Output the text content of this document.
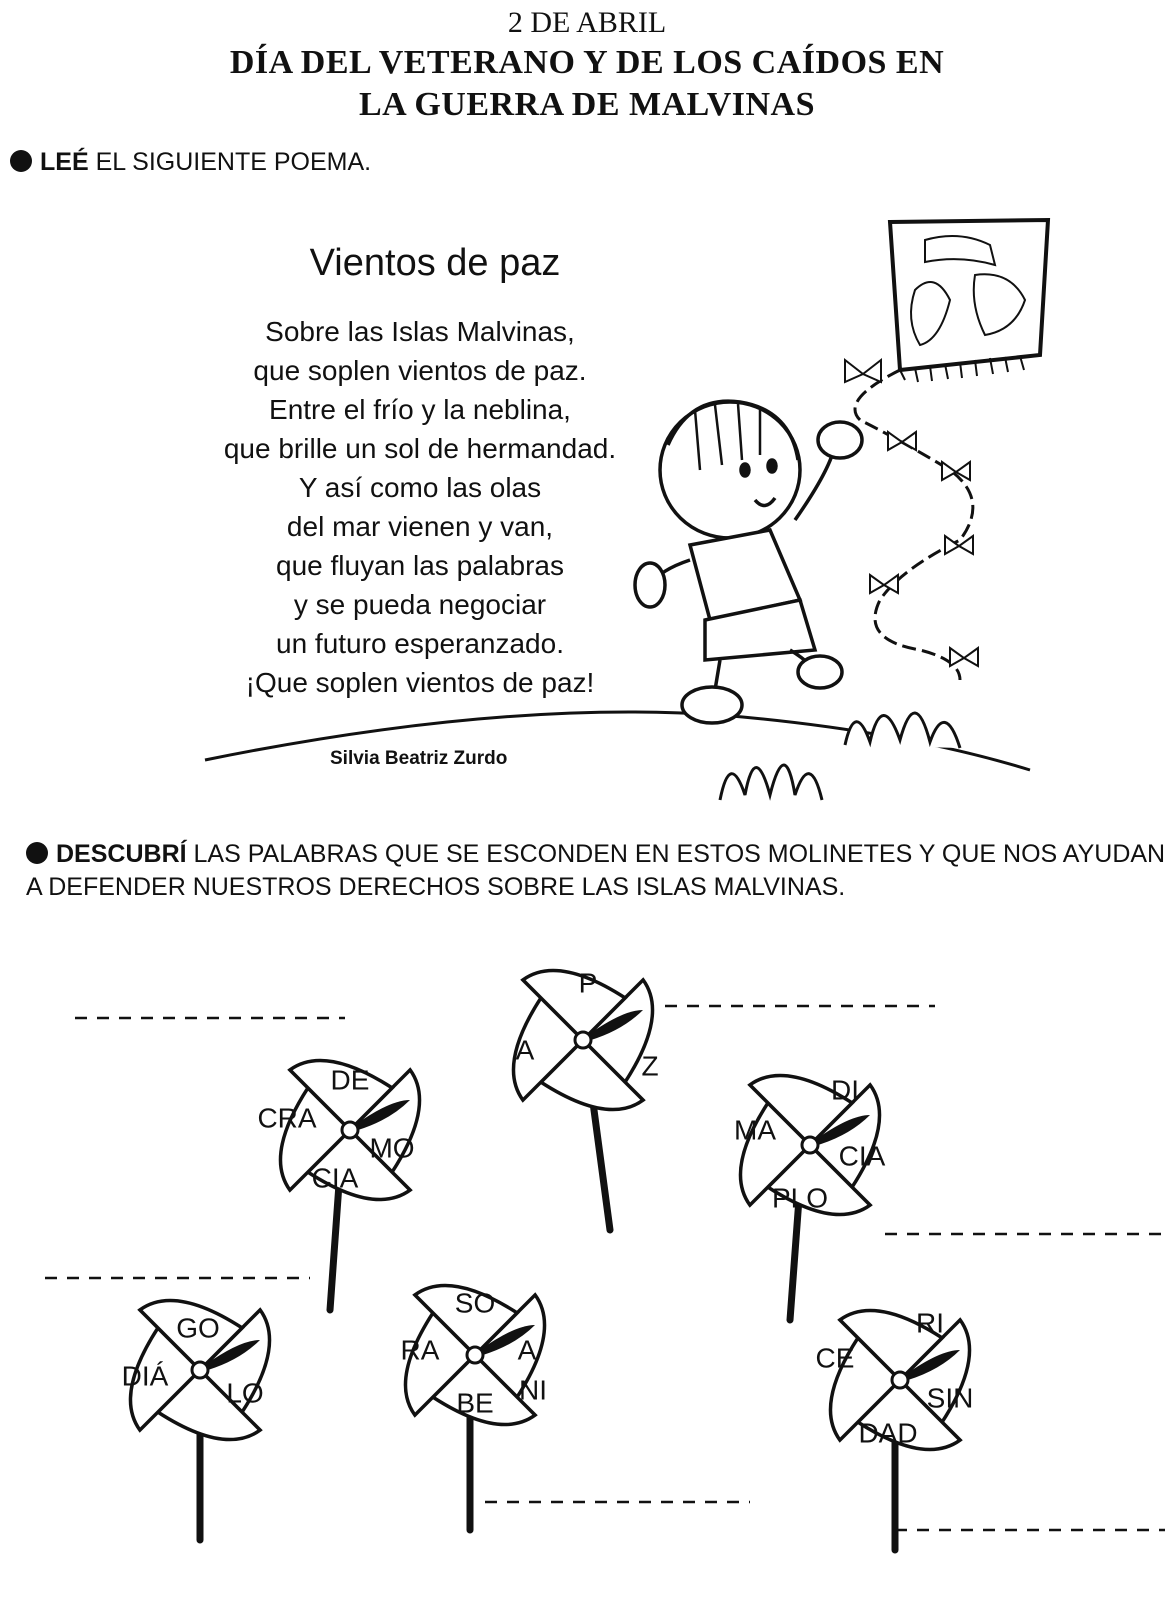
2 DE ABRIL
DÍA DEL VETERANO Y DE LOS CAÍDOS EN
LA GUERRA DE MALVINAS
LEÉ EL SIGUIENTE POEMA.
Vientos de paz
Sobre las Islas Malvinas,
que soplen vientos de paz.
Entre el frío y la neblina,
que brille un sol de hermandad.
Y así como las olas
del mar vienen y van,
que fluyan las palabras
y se pueda negociar
un futuro esperanzado.
¡Que soplen vientos de paz!
Silvia Beatriz Zurdo
DESCUBRÍ LAS PALABRAS QUE SE ESCONDEN EN ESTOS MOLINETES Y QUE NOS AYUDAN
A DEFENDER NUESTROS DERECHOS SOBRE LAS ISLAS MALVINAS.
P
A
Z
DE
CRA
MO
CIA
DI
MA
CIA
PLO
GO
DIÁ
LO
SO
RA	A
BE NI
RI
CE
SIN
DAD
